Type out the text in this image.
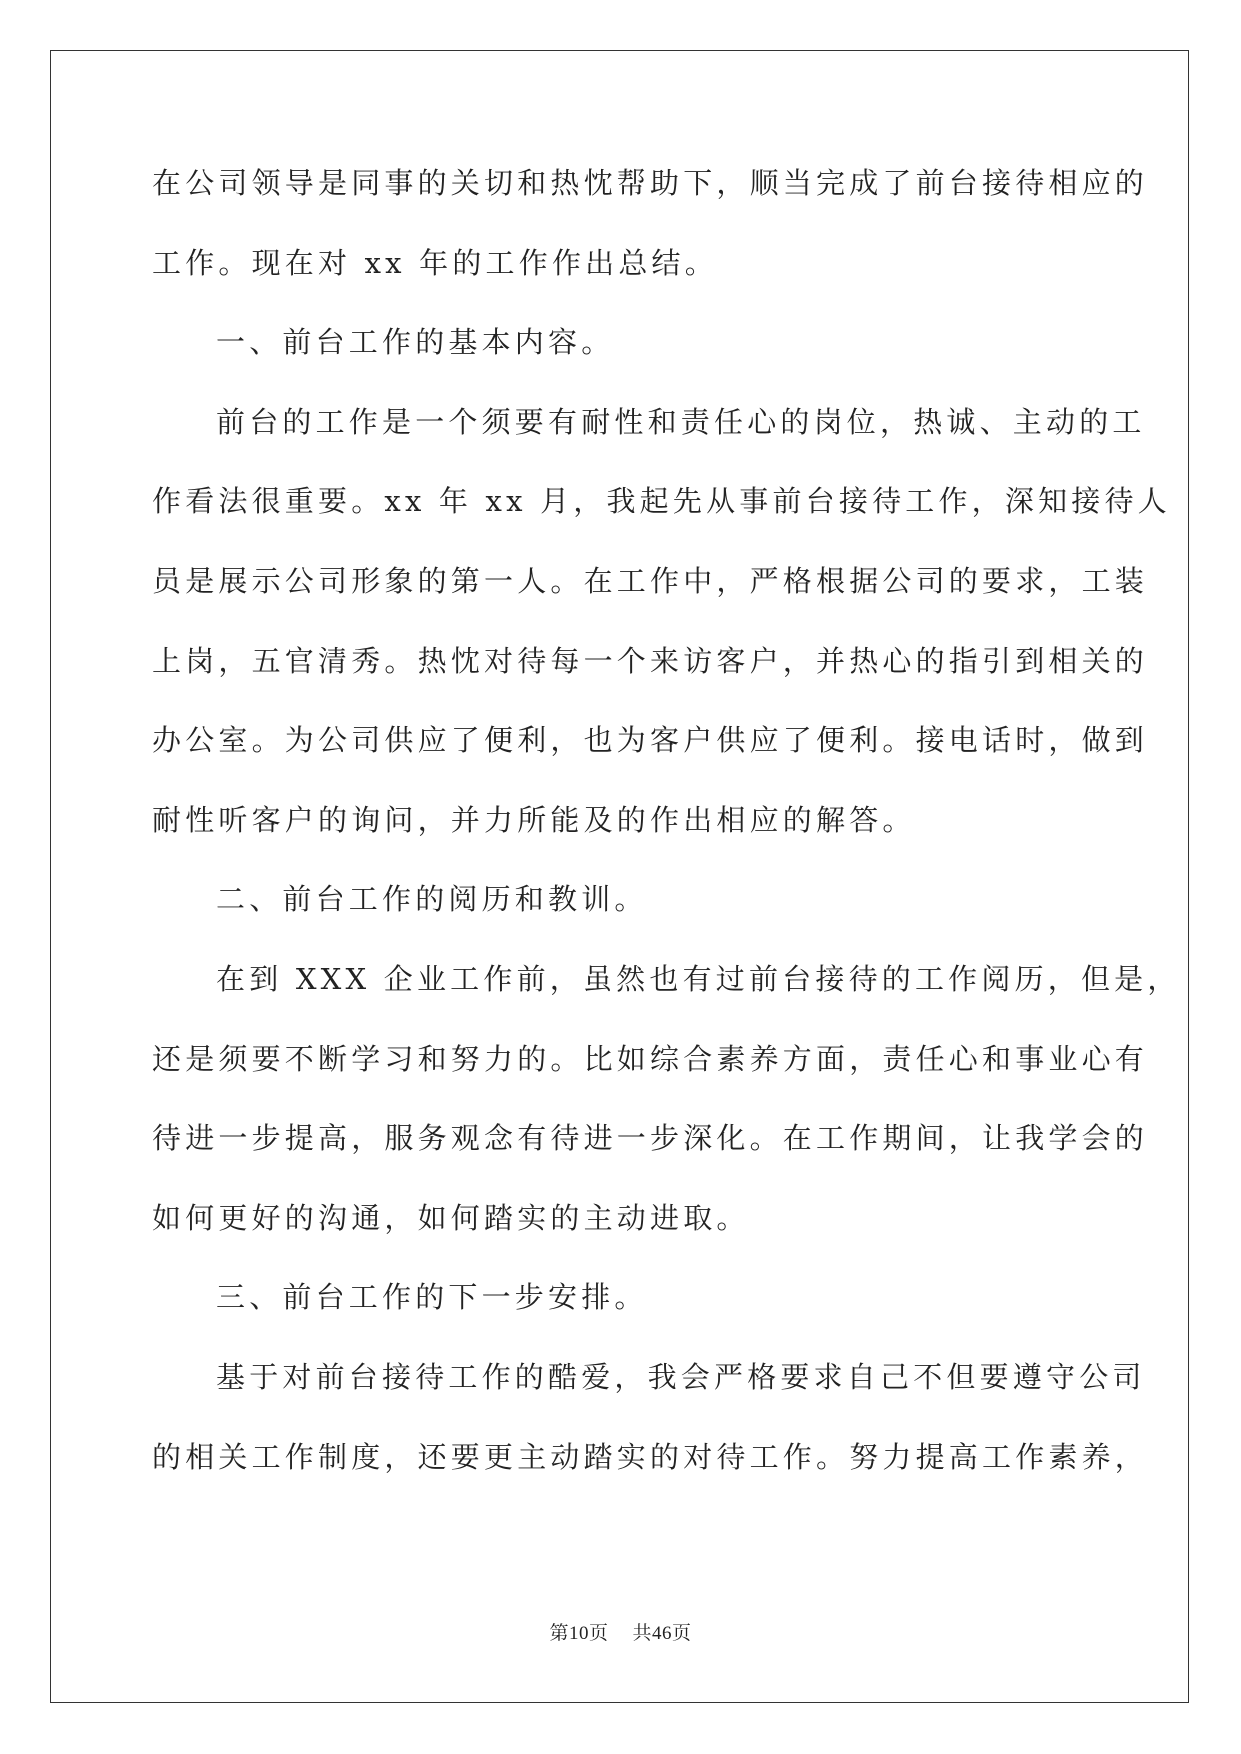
在公司领导是同事的关切和热忱帮助下，顺当完成了前台接待相应的
工作。现在对 xx 年的工作作出总结。
一、前台工作的基本内容。
前台的工作是一个须要有耐性和责任心的岗位，热诚、主动的工
作看法很重要。xx 年 xx 月，我起先从事前台接待工作，深知接待人
员是展示公司形象的第一人。在工作中，严格根据公司的要求，工装
上岗，五官清秀。热忱对待每一个来访客户，并热心的指引到相关的
办公室。为公司供应了便利，也为客户供应了便利。接电话时，做到
耐性听客户的询问，并力所能及的作出相应的解答。
二、前台工作的阅历和教训。
在到 XXX 企业工作前，虽然也有过前台接待的工作阅历，但是，
还是须要不断学习和努力的。比如综合素养方面，责任心和事业心有
待进一步提高，服务观念有待进一步深化。在工作期间，让我学会的
如何更好的沟通，如何踏实的主动进取。
三、前台工作的下一步安排。
基于对前台接待工作的酷爱，我会严格要求自己不但要遵守公司
的相关工作制度，还要更主动踏实的对待工作。努力提高工作素养，
第10页 共46页
